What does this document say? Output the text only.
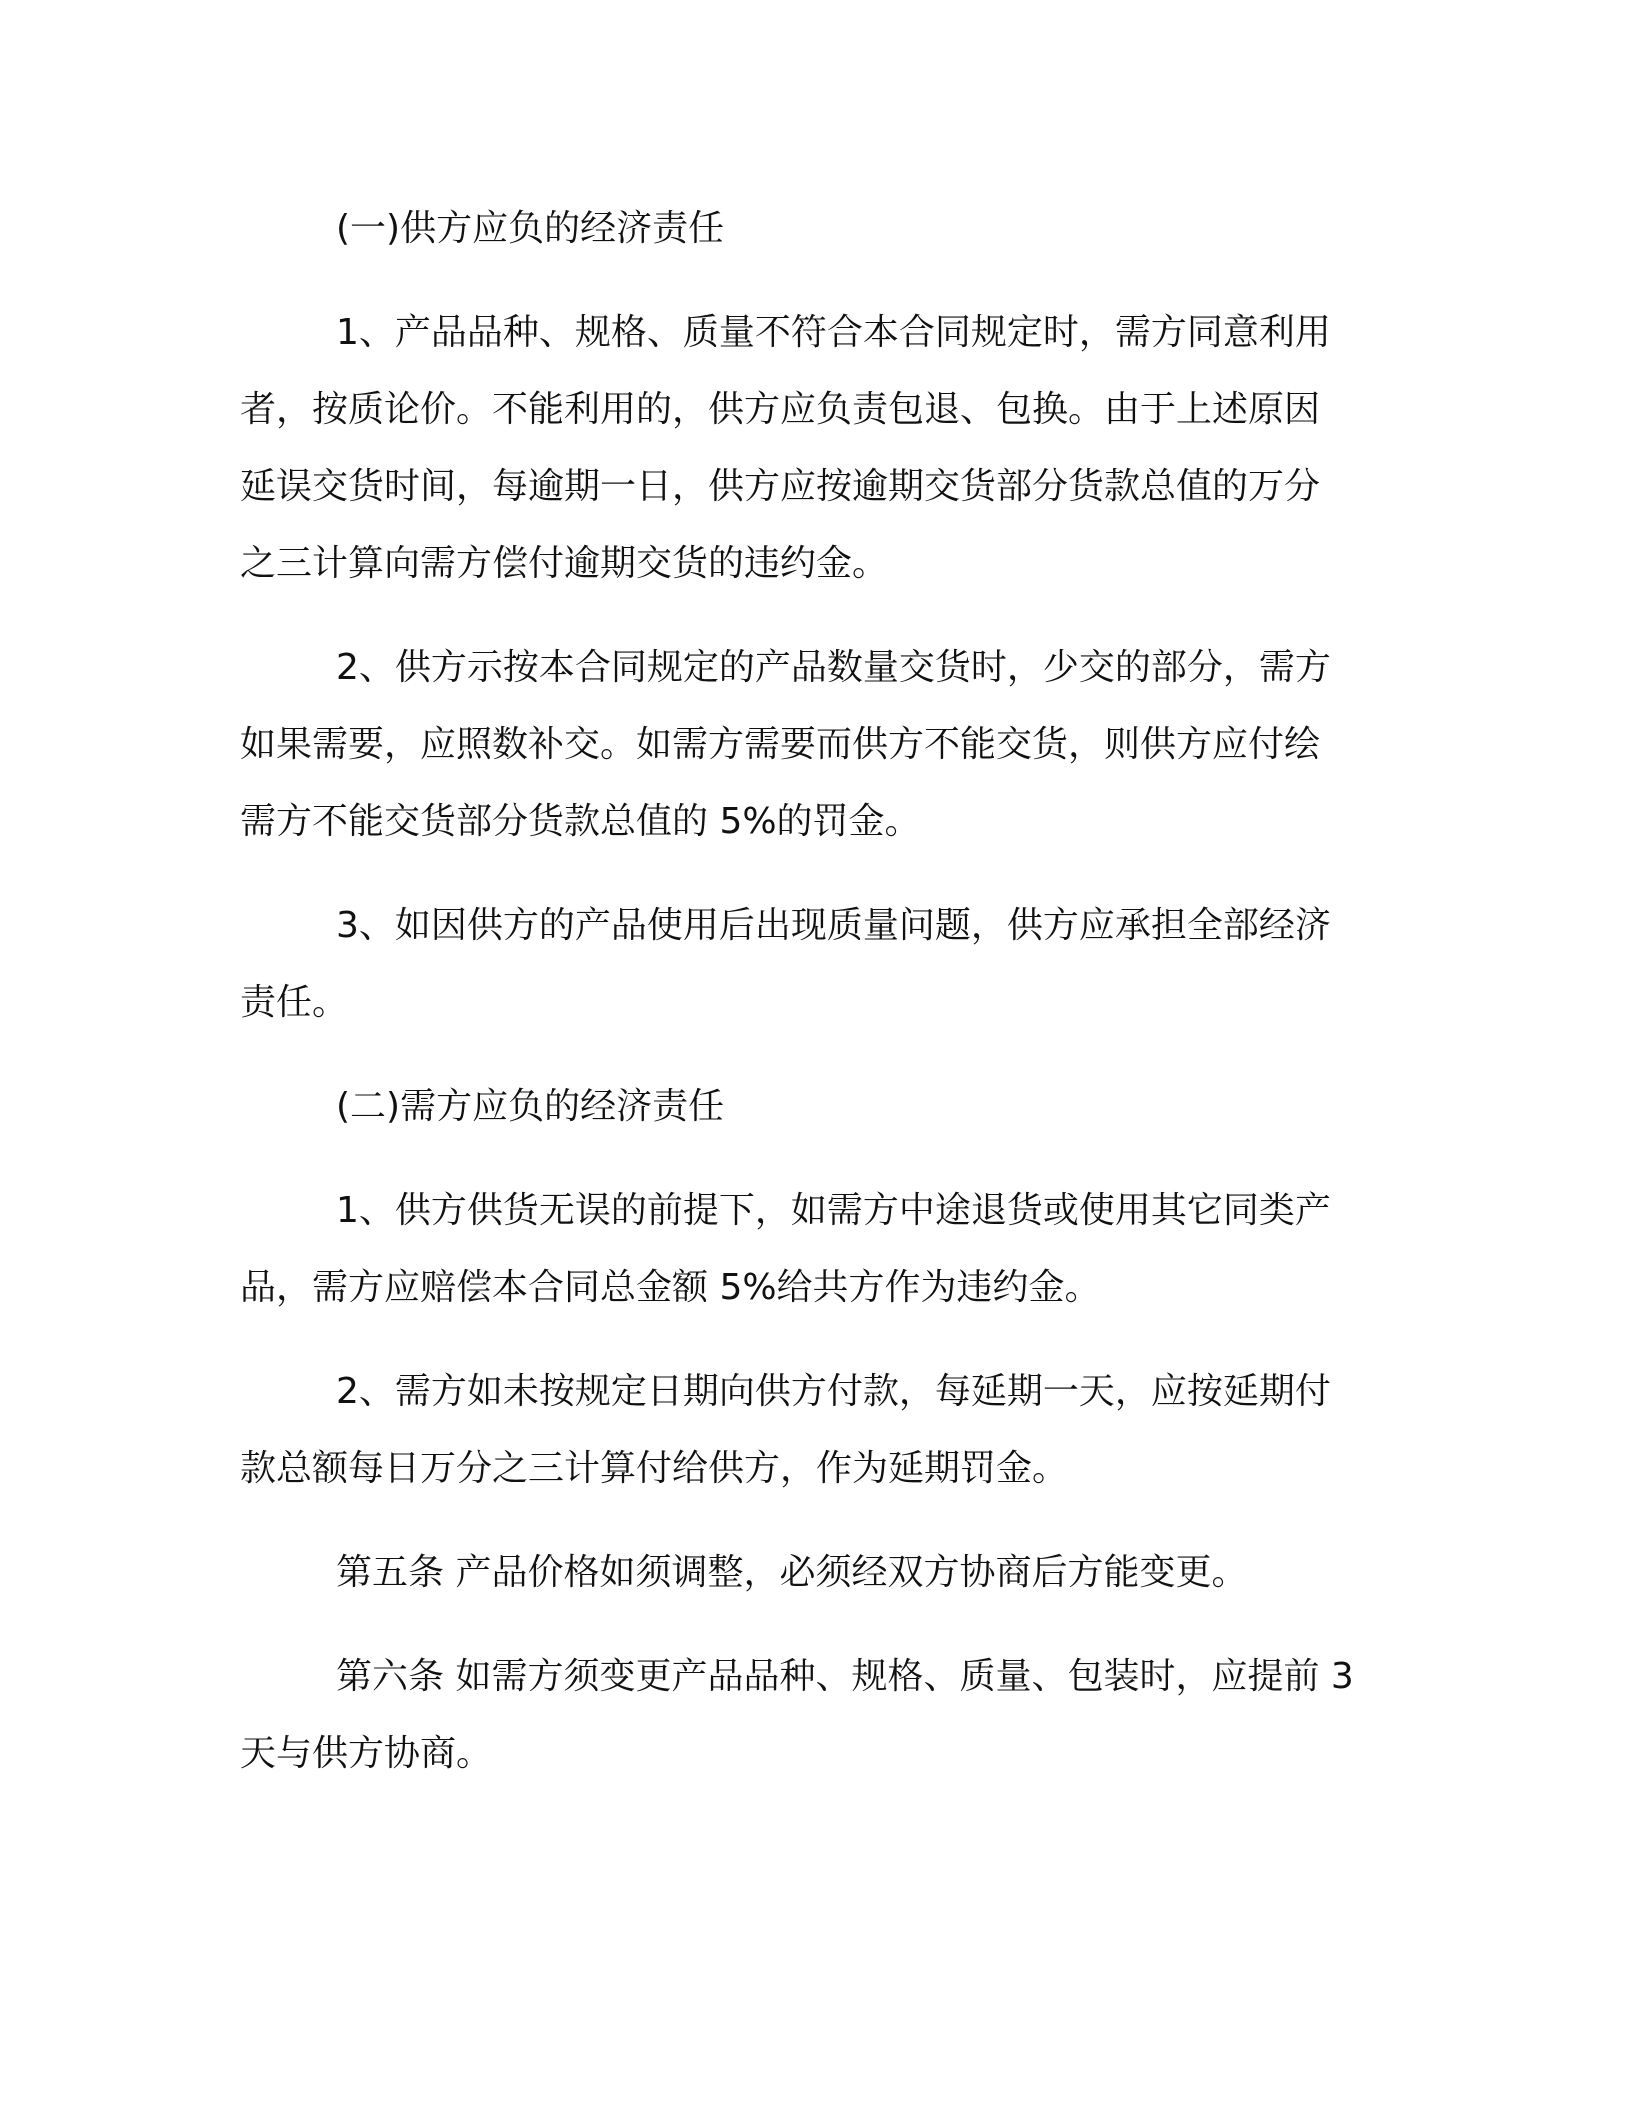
(一)供方应负的经济责任
1、产品品种、规格、质量不符合本合同规定时，需方同意利用
者，按质论价。不能利用的，供方应负责包退、包换。由于上述原因
延误交货时间，每逾期一日，供方应按逾期交货部分货款总值的万分
之三计算向需方偿付逾期交货的违约金。
2、供方示按本合同规定的产品数量交货时，少交的部分，需方
如果需要，应照数补交。如需方需要而供方不能交货，则供方应付绘
需方不能交货部分货款总值的 5%的罚金。
3、如因供方的产品使用后出现质量问题，供方应承担全部经济
责任。
(二)需方应负的经济责任
1、供方供货无误的前提下，如需方中途退货或使用其它同类产
品，需方应赔偿本合同总金额 5%给共方作为违约金。
2、需方如未按规定日期向供方付款，每延期一天，应按延期付
款总额每日万分之三计算付给供方，作为延期罚金。
第五条 产品价格如须调整，必须经双方协商后方能变更。
第六条 如需方须变更产品品种、规格、质量、包装时，应提前 3
天与供方协商。
